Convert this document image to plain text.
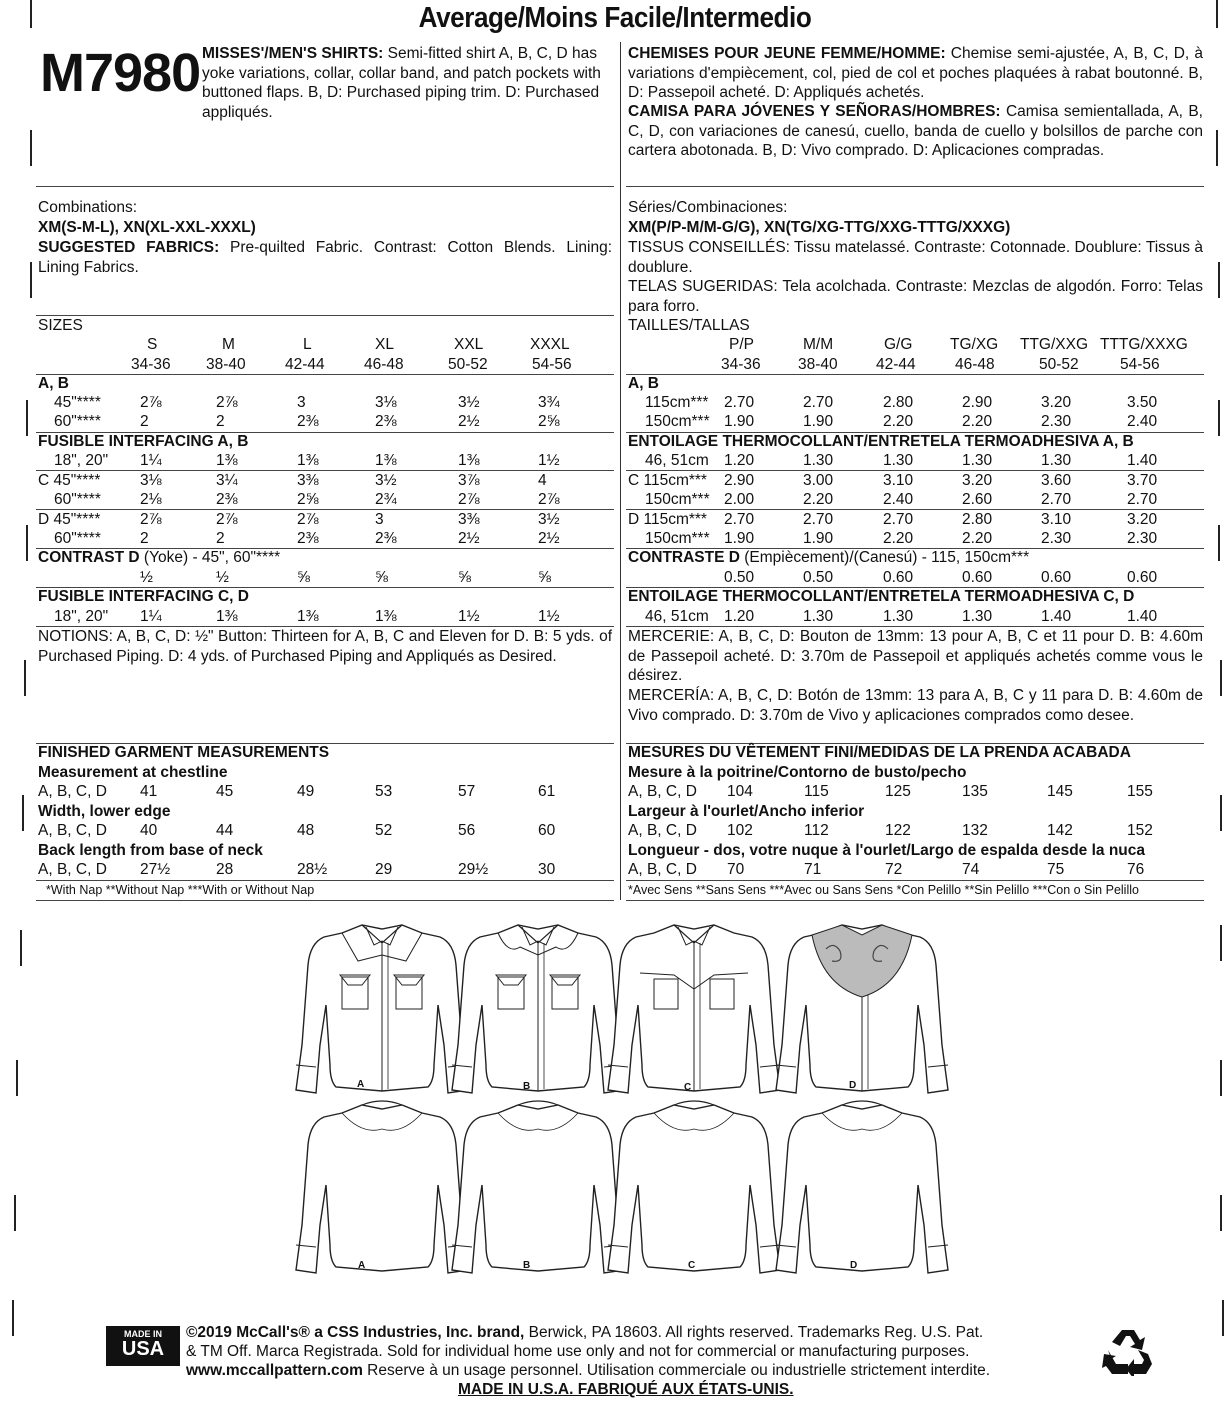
Average/Moins Facile/Intermedio
M7980 MISSES'/MEN'S SHIRTS: Semi-fitted shirt A, B, C, D has yoke variations, collar, collar band, and patch pockets with buttoned flaps. B, D: Purchased piping trim. D: Purchased appliqués.
CHEMISES POUR JEUNE FEMME/HOMME: Chemise semi-ajustée, A, B, C, D, à variations d'empiècement, col, pied de col et poches plaquées à rabat boutonné. B, D: Passepoil acheté. D: Appliqués achetés.
CAMISA PARA JÓVENES Y SEÑORAS/HOMBRES: Camisa semientallada, A, B, C, D, con variaciones de canesú, cuello, banda de cuello y bolsillos de parche con cartera abotonada. B, D: Vivo comprado. D: Aplicaciones compradas.
Combinations:
XM(S-M-L), XN(XL-XXL-XXXL)
SUGGESTED FABRICS: Pre-quilted Fabric. Contrast: Cotton Blends. Lining: Lining Fabrics.
Séries/Combinaciones:
XM(P/P-M/M-G/G), XN(TG/XG-TTG/XXG-TTTG/XXXG)
TISSUS CONSEILLÉS: Tissu matelassé. Contraste: Cotonnade. Doublure: Tissus à doublure.
TELAS SUGERIDAS: Tela acolchada. Contraste: Mezclas de algodón. Forro: Telas para forro.
SIZES
S	M	L	XL	XXL	XXXL
34-36 38-40	42-44	46-48	50-52	54-56
A, B
45"****	2⅞	2⅞	3	3⅛	3½	3¾
60"****	2	2	2⅜	2⅜	2½	2⅝
FUSIBLE INTERFACING A, B
18", 20" 1¼	1⅜	1⅜	1⅜	1⅜	1½
C 45"****	3⅛	3¼	3⅜	3½	3⅞	4
60"****	2⅛	2⅜	2⅝	2¾	2⅞	2⅞
D 45"****	2⅞	2⅞	2⅞	3	3⅜	3½
60"****	2	2	2⅜	2⅜	2½	2½
CONTRAST D (Yoke) - 45", 60"****
½	½	⅝	⅝	⅝	⅝
FUSIBLE INTERFACING C, D
18", 20" 1¼	1⅜	1⅜	1⅜	1½	1½
TAILLES/TALLAS
P/P	M/M	G/G TG/XG TTG/XXG TTTG/XXXG
34-36 38-40 42-44	46-48	50-52	54-56
A, B
115cm*** 2.70	2.70	2.80	2.90	3.20	3.50
150cm*** 1.90	1.90	2.20	2.20	2.30	2.40
ENTOILAGE THERMOCOLLANT/ENTRETELA TERMOADHESIVA A, B
46, 51cm 1.20	1.30	1.30	1.30	1.30	1.40
C 115cm*** 2.90	3.00	3.10	3.20	3.60	3.70
150cm*** 2.00	2.20	2.40	2.60	2.70	2.70
D 115cm*** 2.70	2.70	2.70	2.80	3.10	3.20
150cm*** 1.90	1.90	2.20	2.20	2.30	2.30
CONTRASTE D (Empiècement)/(Canesú) - 115, 150cm***
0.50	0.50	0.60	0.60	0.60	0.60
ENTOILAGE THERMOCOLLANT/ENTRETELA TERMOADHESIVA C, D
46, 51cm 1.20	1.30	1.30	1.30	1.40	1.40
NOTIONS: A, B, C, D: ½" Button: Thirteen for A, B, C and Eleven for D. B: 5 yds. of Purchased Piping. D: 4 yds. of Purchased Piping and Appliqués as Desired.
MERCERIE: A, B, C, D: Bouton de 13mm: 13 pour A, B, C et 11 pour D. B: 4.60m de Passepoil acheté. D: 3.70m de Passepoil et appliqués achetés comme vous le désirez.
MERCERÍA: A, B, C, D: Botón de 13mm: 13 para A, B, C y 11 para D. B: 4.60m de Vivo comprado. D: 3.70m de Vivo y aplicaciones comprados como desee.
FINISHED GARMENT MEASUREMENTS
Measurement at chestline
A, B, C, D 41	45	49	53	57	61
Width, lower edge
A, B, C, D 40	44	48	52	56	60
Back length from base of neck
A, B, C, D 27½	28	28½	29	29½	30
MESURES DU VÊTEMENT FINI/MEDIDAS DE LA PRENDA ACABADA
Mesure à la poitrine/Contorno de busto/pecho
A, B, C, D 104	115	125	135	145	155
Largeur à l'ourlet/Ancho inferior
A, B, C, D 102	112	122	132	142	152
Longueur - dos, votre nuque à l'ourlet/Largo de espalda desde la nuca
A, B, C, D 70	71	72	74	75	76
*With Nap **Without Nap ***With or Without Nap	*Avec Sens **Sans Sens ***Avec ou Sans Sens *Con Pelillo **Sin Pelillo ***Con o Sin Pelillo
A	B	C	D
A	B	C	D
MADE IN
USA
©2019 McCall's® a CSS Industries, Inc. brand, Berwick, PA 18603. All rights reserved. Trademarks Reg. U.S. Pat.
& TM Off. Marca Registrada. Sold for individual home use only and not for commercial or manufacturing purposes.
www.mccallpattern.com Reserve à un usage personnel. Utilisation commerciale ou industrielle strictement interdite.
MADE IN U.S.A. FABRIQUÉ AUX ÉTATS-UNIS.
